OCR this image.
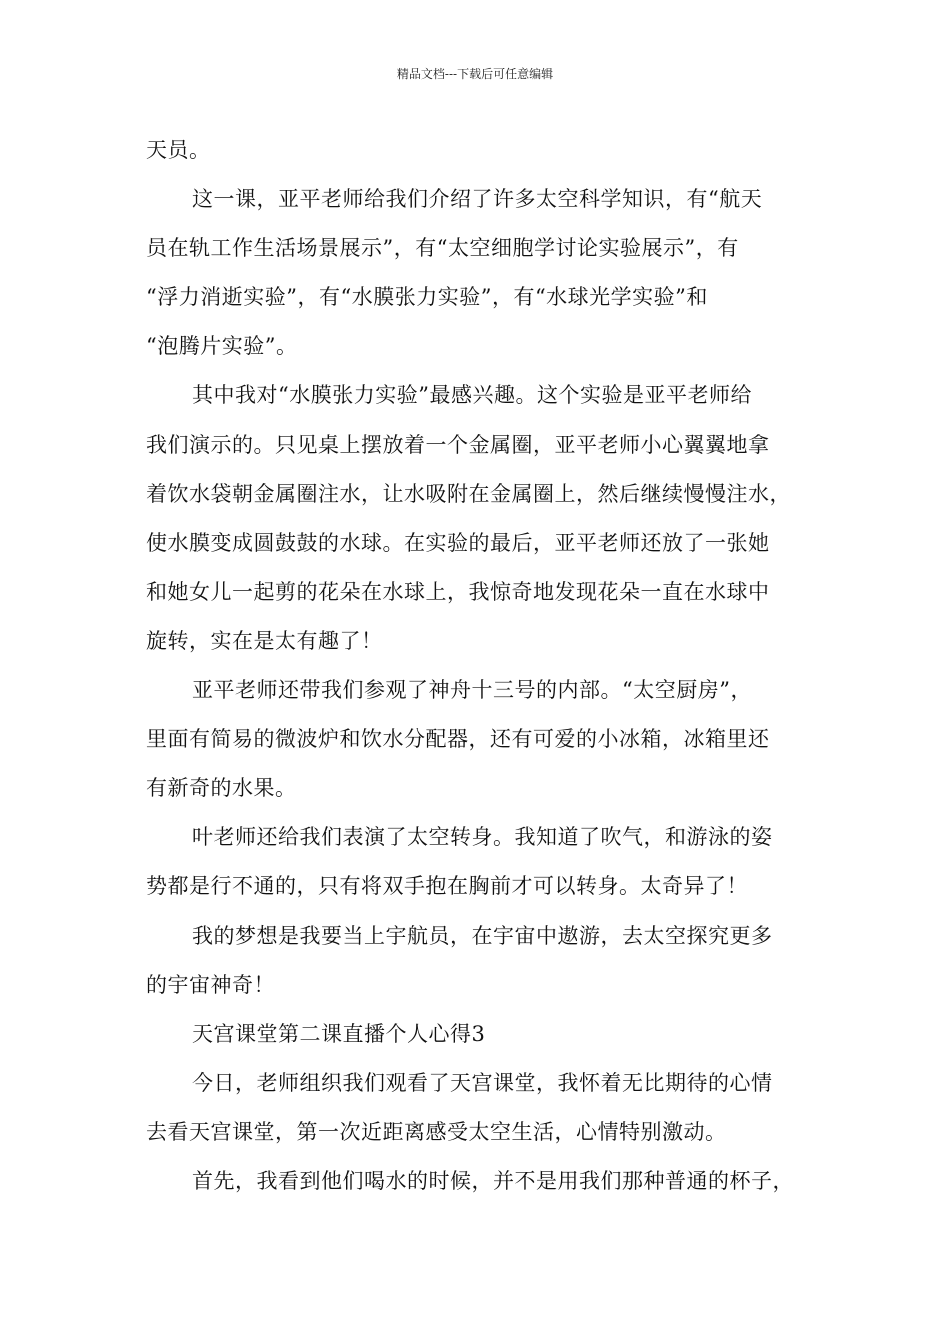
精品文档---下载后可任意编辑
天员。
这一课，亚平老师给我们介绍了许多太空科学知识，有“航天
员在轨工作生活场景展示”，有“太空细胞学讨论实验展示”，有
“浮力消逝实验”，有“水膜张力实验”，有“水球光学实验”和
“泡腾片实验”。
其中我对“水膜张力实验”最感兴趣。这个实验是亚平老师给
我们演示的。只见桌上摆放着一个金属圈，亚平老师小心翼翼地拿
着饮水袋朝金属圈注水，让水吸附在金属圈上，然后继续慢慢注水，
使水膜变成圆鼓鼓的水球。在实验的最后，亚平老师还放了一张她
和她女儿一起剪的花朵在水球上，我惊奇地发现花朵一直在水球中
旋转，实在是太有趣了！
亚平老师还带我们参观了神舟十三号的内部。“太空厨房”，
里面有简易的微波炉和饮水分配器，还有可爱的小冰箱，冰箱里还
有新奇的水果。
叶老师还给我们表演了太空转身。我知道了吹气，和游泳的姿
势都是行不通的，只有将双手抱在胸前才可以转身。太奇异了！
我的梦想是我要当上宇航员，在宇宙中遨游，去太空探究更多
的宇宙神奇！
天宫课堂第二课直播个人心得3
今日，老师组织我们观看了天宫课堂，我怀着无比期待的心情
去看天宫课堂，第一次近距离感受太空生活，心情特别激动。
首先，我看到他们喝水的时候，并不是用我们那种普通的杯子，
